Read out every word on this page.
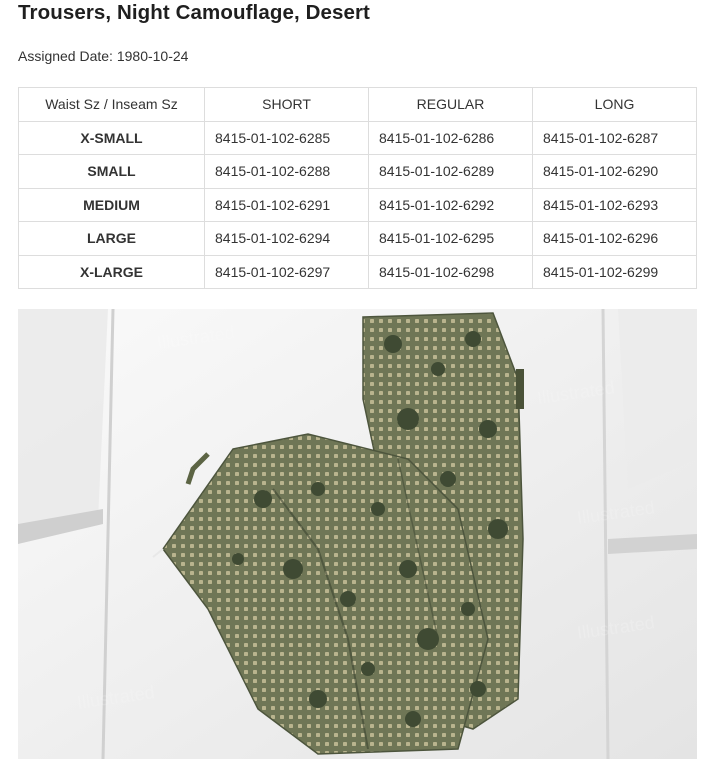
Trousers, Night Camouflage, Desert
Assigned Date: 1980-10-24
Waist Sz / Inseam Sz	SHORT	REGULAR	LONG
X-SMALL	8415-01-102-6285	8415-01-102-6286	8415-01-102-6287
SMALL	8415-01-102-6288	8415-01-102-6289	8415-01-102-6290
MEDIUM	8415-01-102-6291	8415-01-102-6292	8415-01-102-6293
LARGE	8415-01-102-6294	8415-01-102-6295	8415-01-102-6296
X-LARGE	8415-01-102-6297	8415-01-102-6298	8415-01-102-6299
Illustrated
Illustrated
Illustrated
Illustrated
Illustrated
